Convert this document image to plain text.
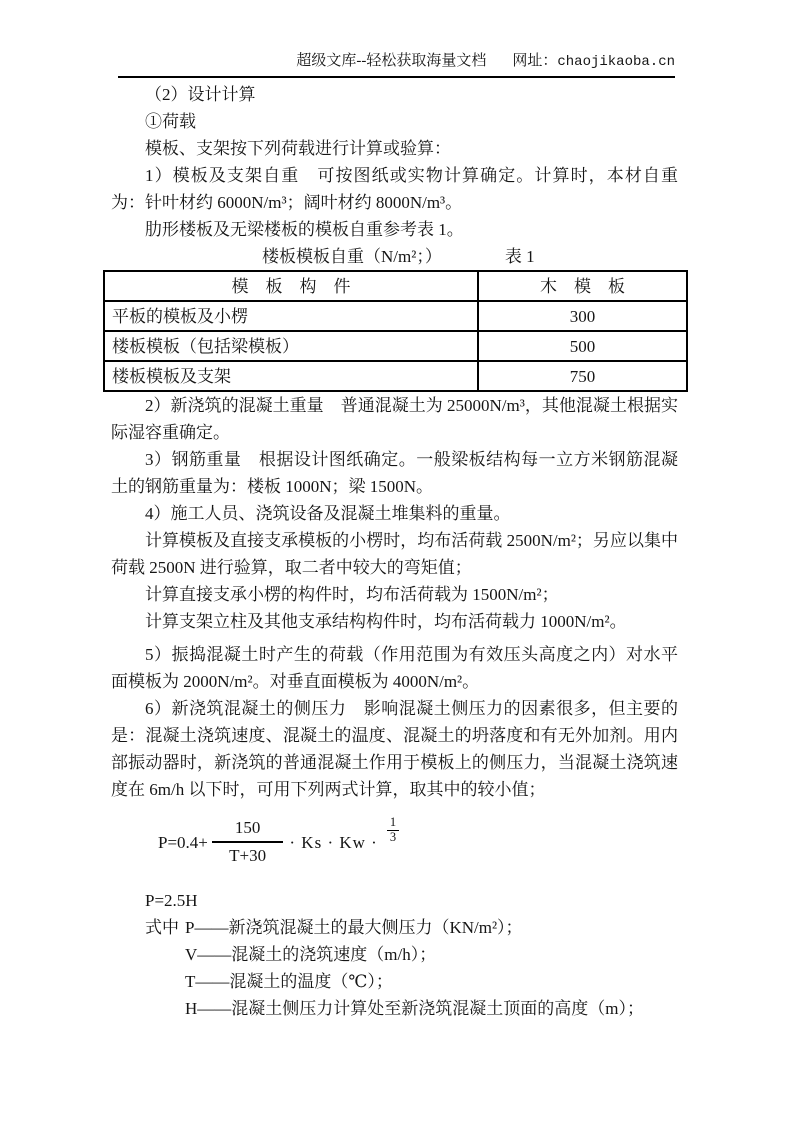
超级文库--轻松获取海量文档 网址：chaojikaoba.cn

（2）设计计算

①荷载

模板、支架按下列荷载进行计算或验算：

1）模板及支架自重　可按图纸或实物计算确定。计算时，本材自重为：针叶材约 6000N/m³；阔叶材约 8000N/m³。

肋形楼板及无梁楼板的模板自重参考表 1。

楼板模板自重（N/m²；）	表 1
模　板　构　件	木　模　板
平板的模板及小楞	300
楼板模板（包括梁模板）	500
楼板模板及支架	750

2）新浇筑的混凝土重量　普通混凝土为 25000N/m³，其他混凝土根据实际湿容重确定。

3）钢筋重量　根据设计图纸确定。一般梁板结构每一立方米钢筋混凝土的钢筋重量为：楼板 1000N；梁 1500N。

4）施工人员、浇筑设备及混凝土堆集料的重量。

计算模板及直接支承模板的小楞时，均布活荷载 2500N/m²；另应以集中荷载 2500N 进行验算，取二者中较大的弯矩值；

计算直接支承小楞的构件时，均布活荷载为 1500N/m²；

计算支架立柱及其他支承结构构件时，均布活荷载力 1000N/m²。

5）振捣混凝土时产生的荷载（作用范围为有效压头高度之内）对水平面模板为 2000N/m²。对垂直面模板为 4000N/m²。

6）新浇筑混凝土的侧压力　影响混凝土侧压力的因素很多，但主要的是：混凝土浇筑速度、混凝土的温度、混凝土的坍落度和有无外加剂。用内部振动器时，新浇筑的普通混凝土作用于模板上的侧压力，当混凝土浇筑速度在 6m/h 以下时，可用下列两式计算，取其中的较小值；

$P=0.4+ \frac{150}{T+30} \cdot Ks \cdot Kw \cdot \frac{1}{3}$

P=2.5H

式中 P——新浇筑混凝土的最大侧压力（KN/m²）；

V——混凝土的浇筑速度（m/h）；

T——混凝土的温度（℃）；

H——混凝土侧压力计算处至新浇筑混凝土顶面的高度（m）；
